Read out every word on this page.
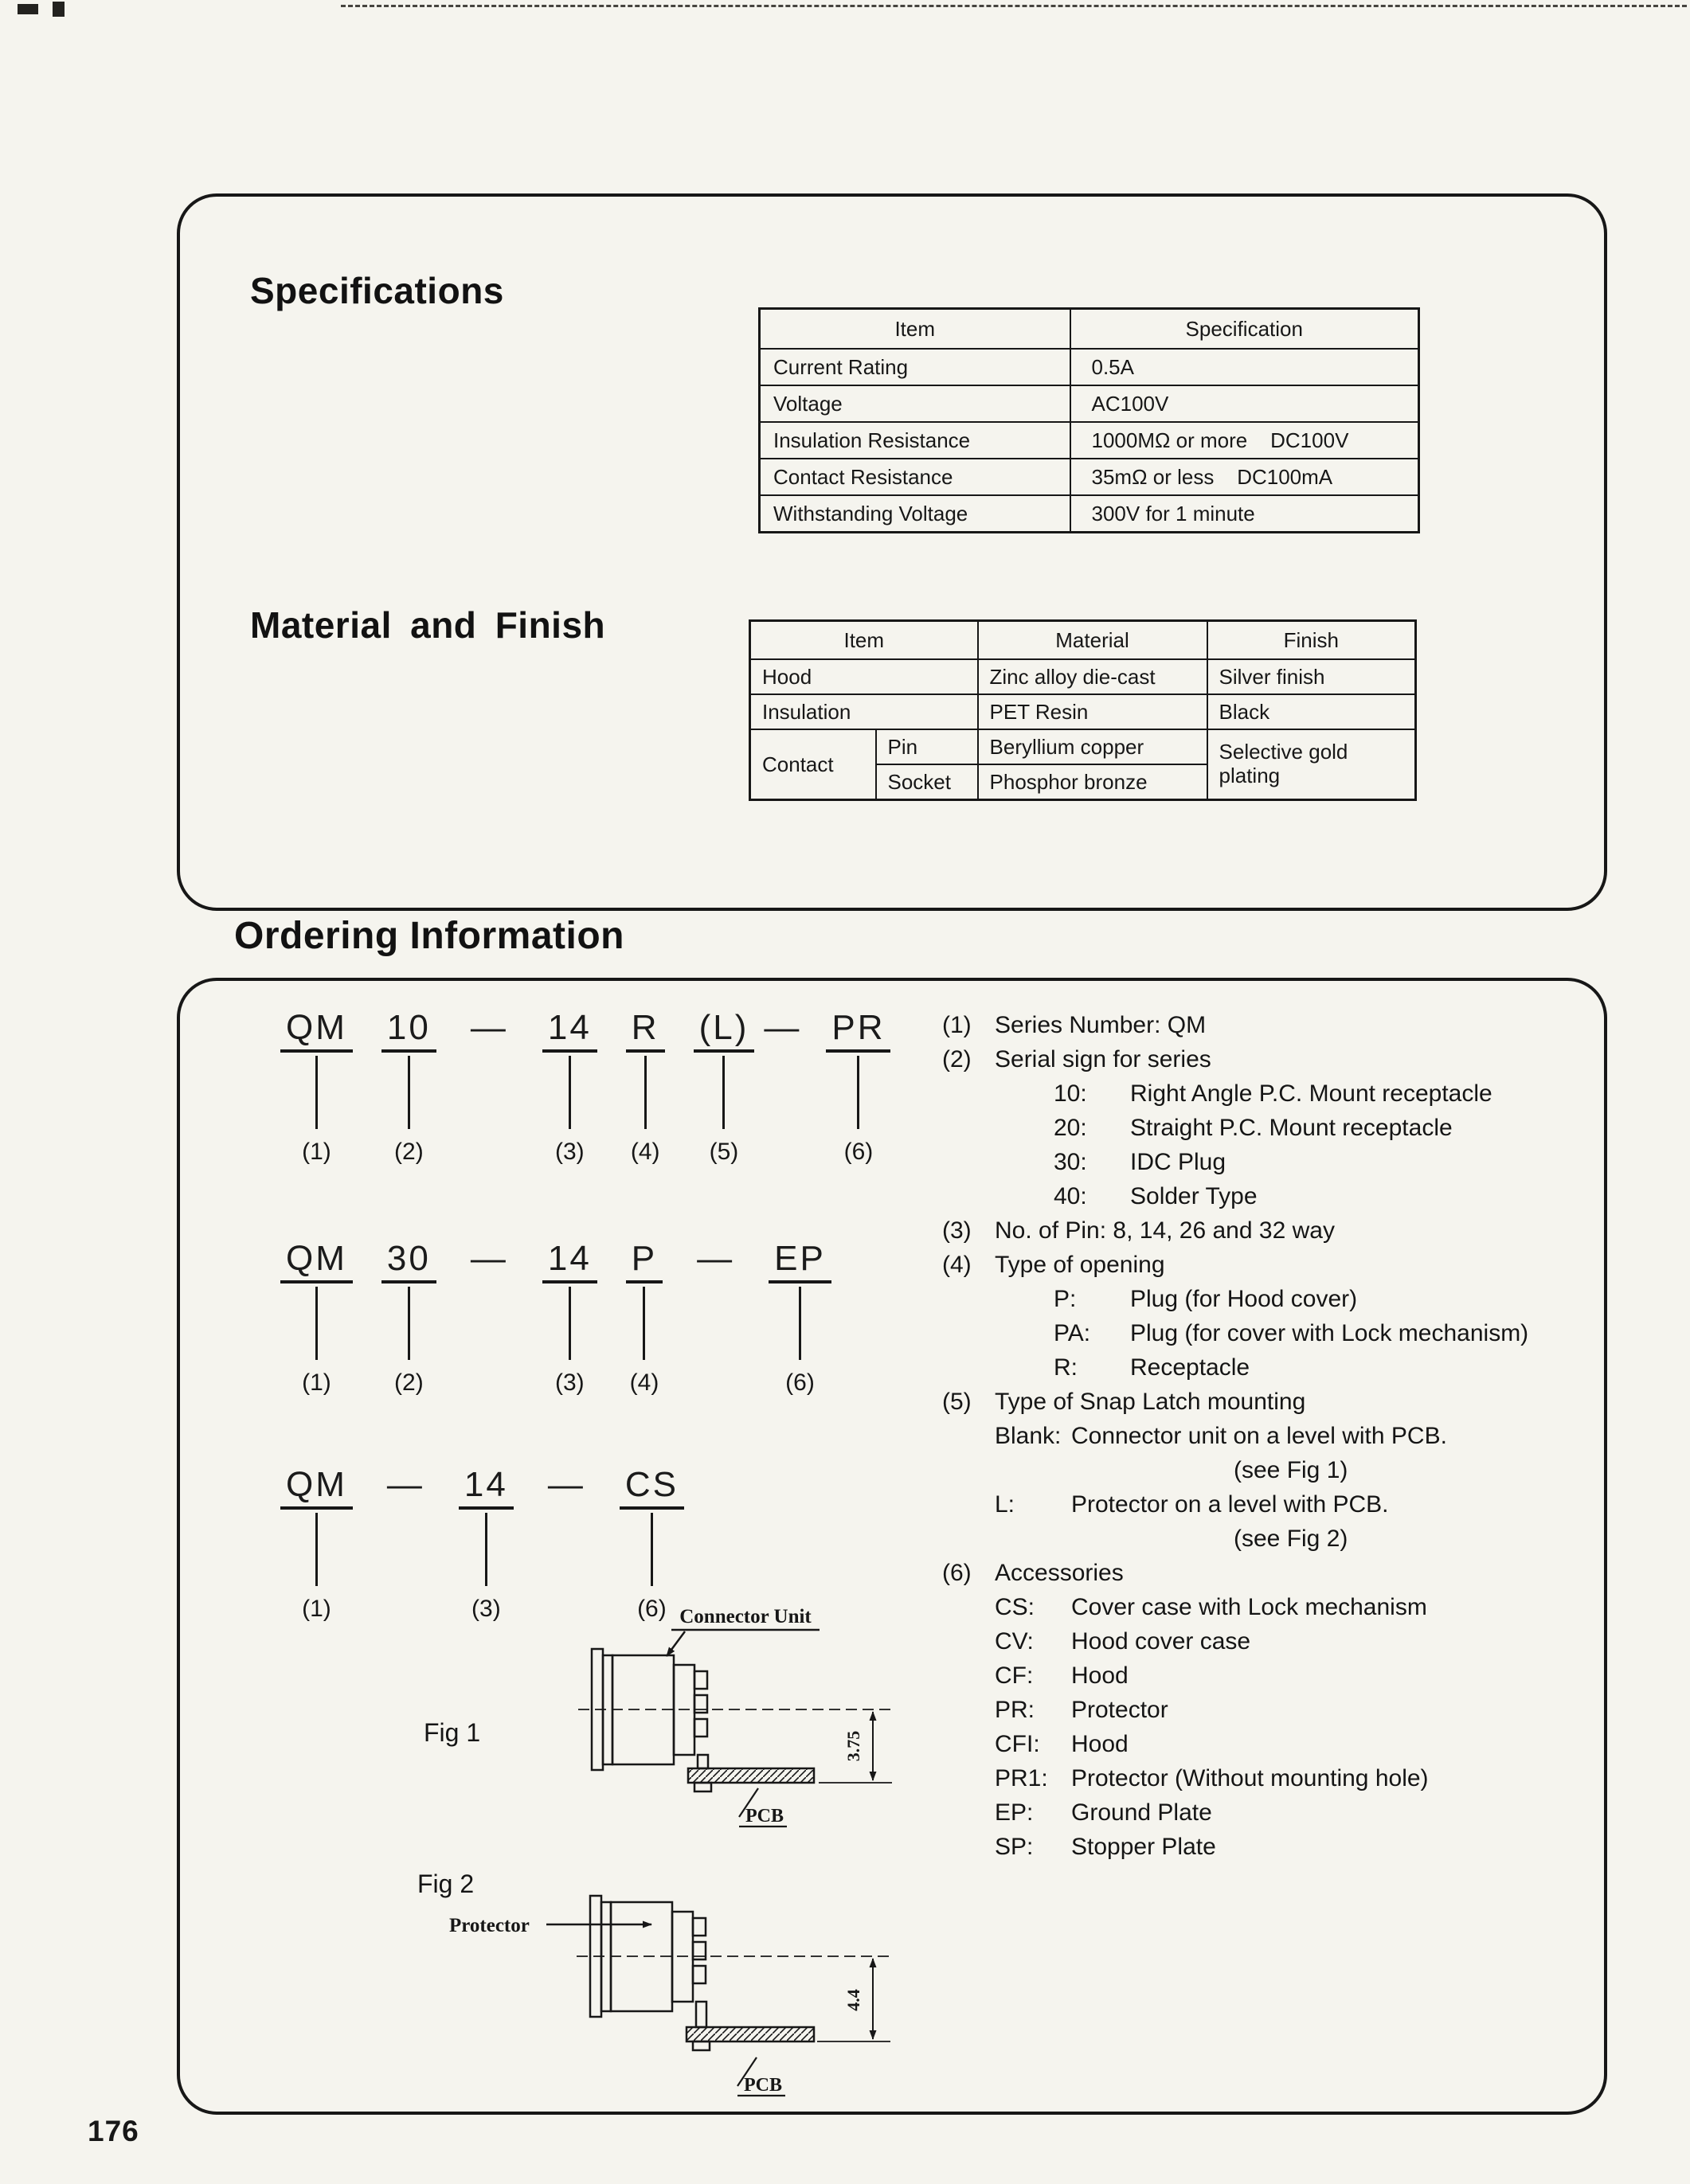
Specifications
Item	Specification
Current Rating	0.5A
Voltage	AC100V
Insulation Resistance	1000MΩ or more    DC100V
Contact Resistance	35mΩ or less    DC100mA
Withstanding Voltage	300V for 1 minute
Material and Finish	Item		Material	Finish
Hood		Zinc alloy die-cast	Silver finish
Insulation		PET Resin	Black
Contact	Pin	Beryllium copper	Selective gold plating
	Socket	Phosphor bronze	
Ordering Information
QM
(1)
10
(2)
— 14
(3)
R
(4)
(L) —
(5)
PR
(6)
QM
(1)
30
(2)
— 14
(3)
P
(4)
— EP
(6)
QM
(1)
— 14
(3)
— CS
(6)
(1) Series Number: QM
(2) Serial sign for series
10:	Right Angle P.C. Mount receptacle
20:	Straight P.C. Mount receptacle
30:	IDC Plug
40:	Solder Type
(3) No. of Pin: 8, 14, 26 and 32 way
(4) Type of opening
P:	Plug (for Hood cover)
PA:	Plug (for cover with Lock mechanism)
R:	Receptacle
(5) Type of Snap Latch mounting
Blank: Connector unit on a level with PCB.
(see Fig 1)
L:	Protector on a level with PCB.
(see Fig 2)
(6) Accessories
CS:	Cover case with Lock mechanism
CV:	Hood cover case
CF:	Hood
PR:	Protector
CFI:	Hood
PR1: Protector (Without mounting hole)
EP:	Ground Plate
SP:	Stopper Plate
Fig 1
Connector Unit
3.75
PCB
Fig 2
Protector
4.4
PCB
176
